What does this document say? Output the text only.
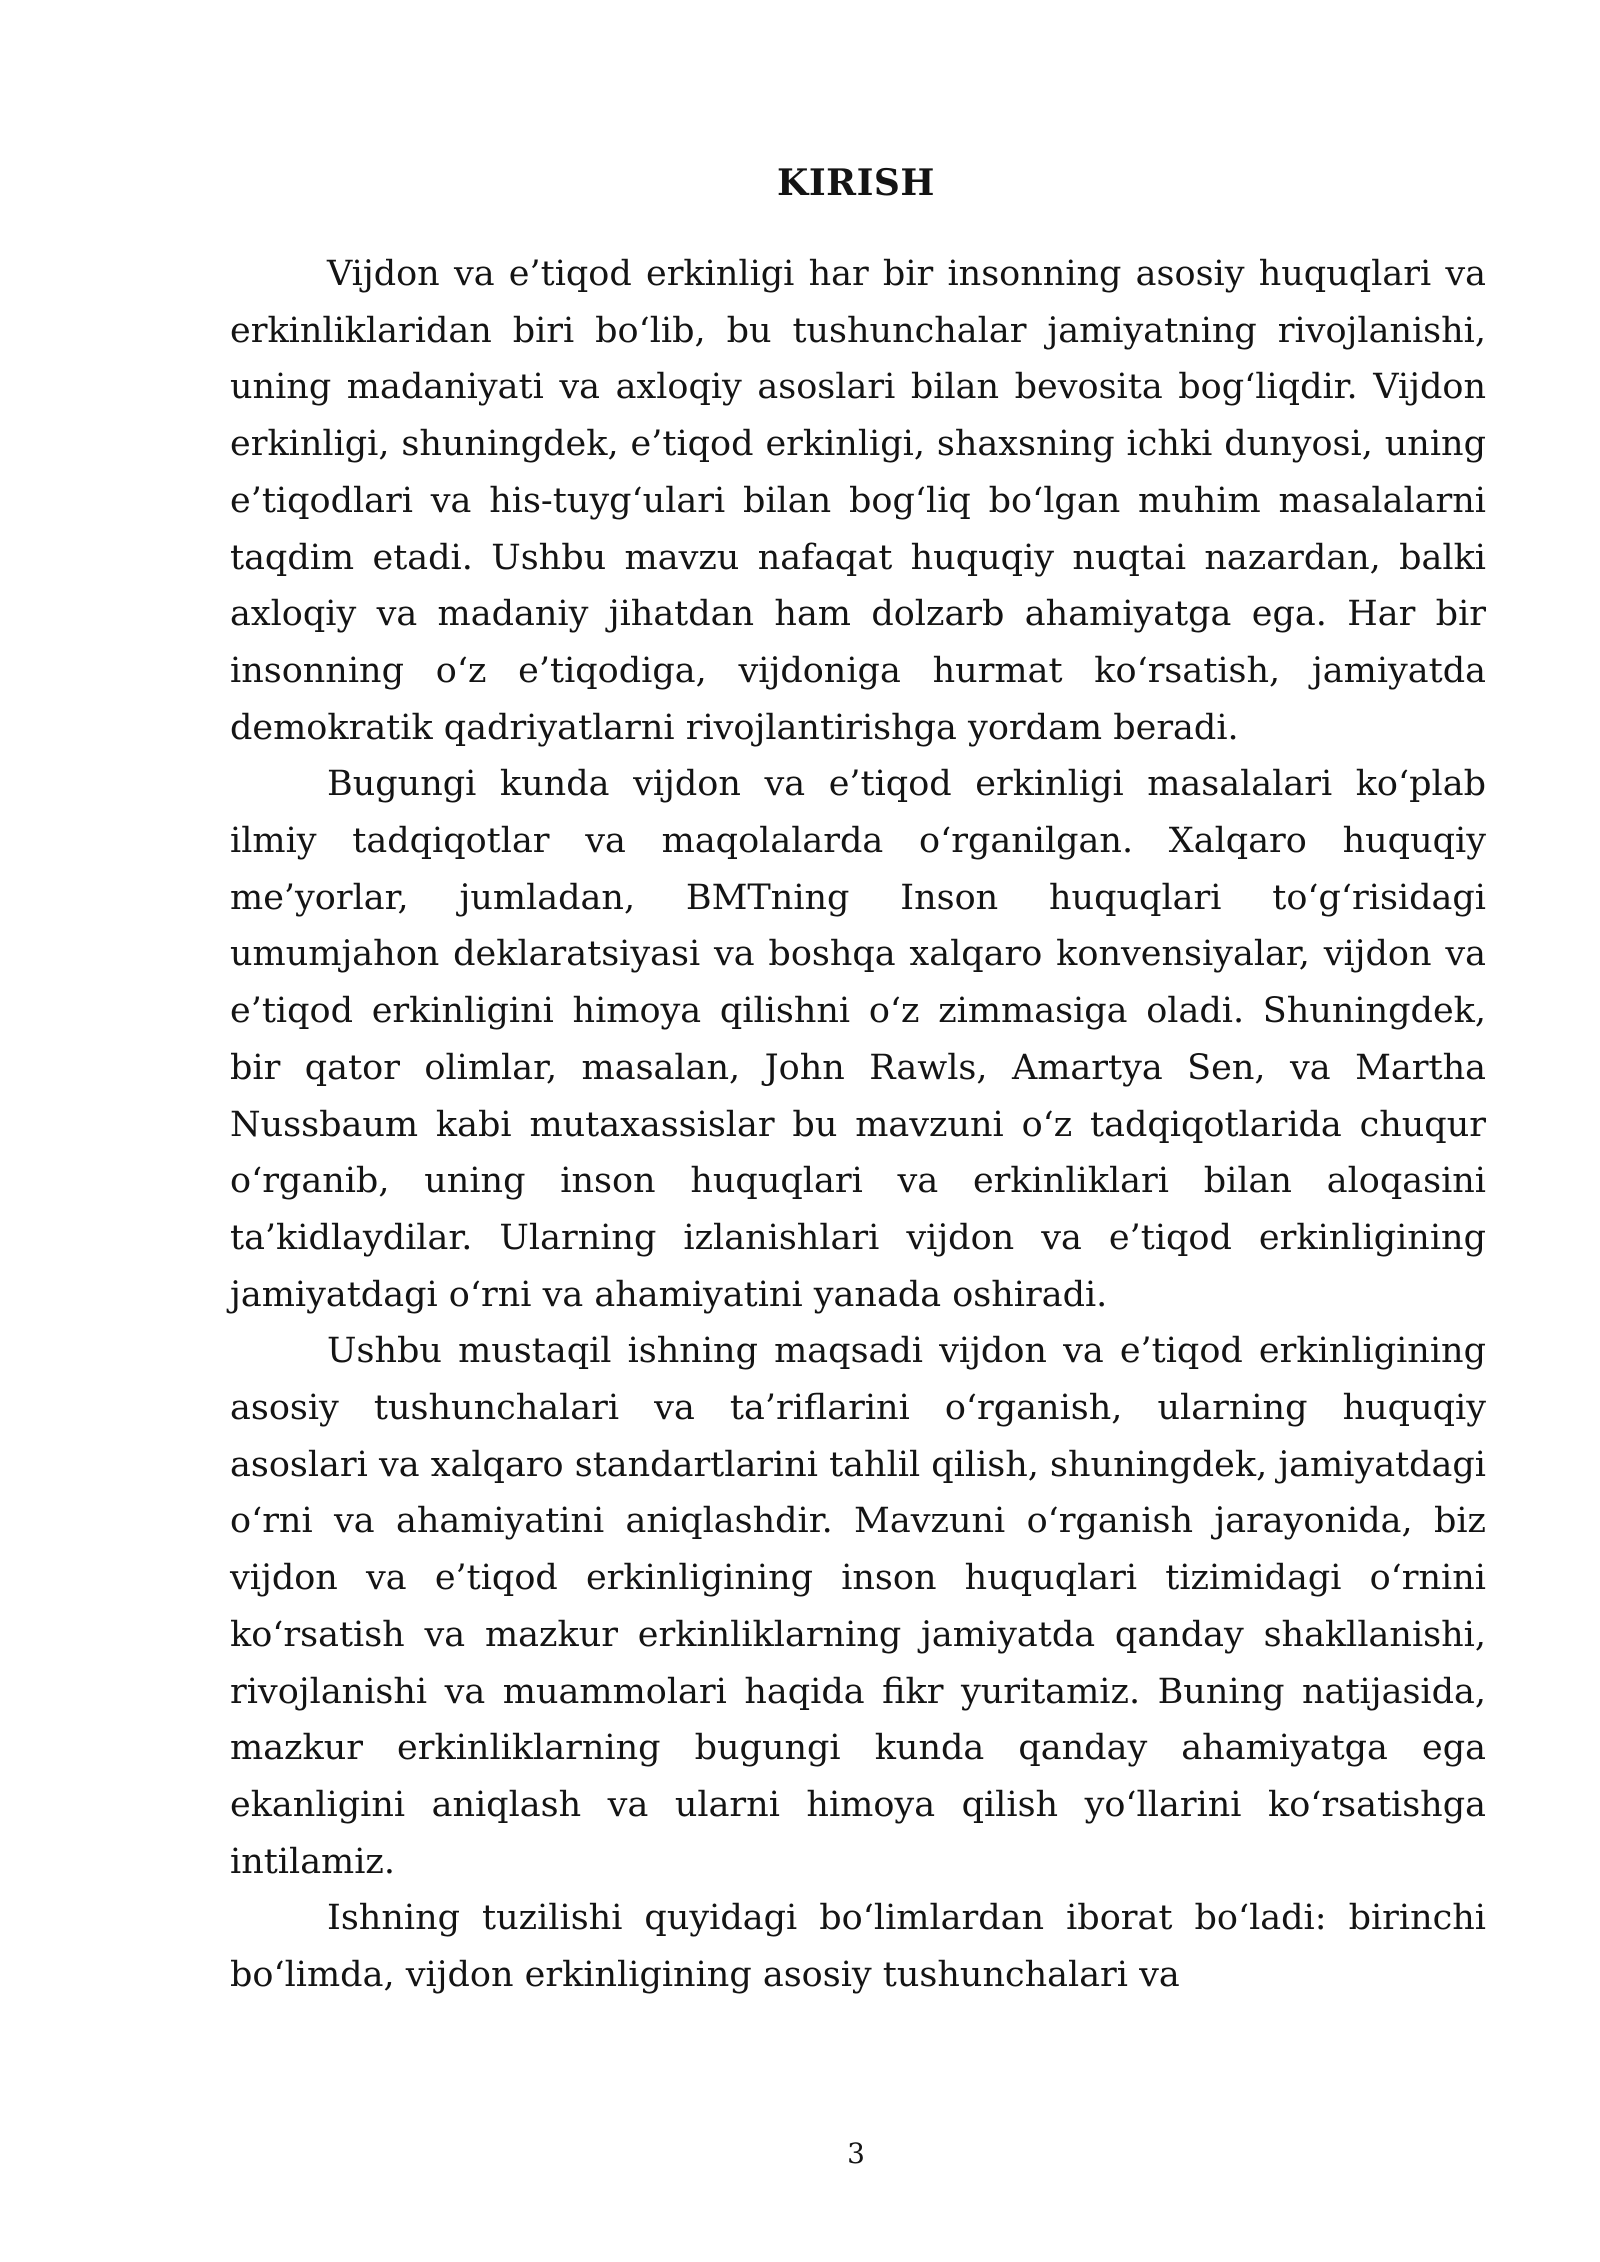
KIRISH

Vijdon va e’tiqod erkinligi har bir insonning asosiy huquqlari va erkinliklaridan biri boʻlib, bu tushunchalar jamiyatning rivojlanishi, uning madaniyati va axloqiy asoslari bilan bevosita bogʻliqdir. Vijdon erkinligi, shuningdek, e’tiqod erkinligi, shaxsning ichki dunyosi, uning e’tiqodlari va his-tuygʻulari bilan bogʻliq boʻlgan muhim masalalarni taqdim etadi. Ushbu mavzu nafaqat huquqiy nuqtai nazardan, balki axloqiy va madaniy jihatdan ham dolzarb ahamiyatga ega. Har bir insonning oʻz e’tiqodiga, vijdoniga hurmat koʻrsatish, jamiyatda demokratik qadriyatlarni rivojlantirishga yordam beradi.

Bugungi kunda vijdon va e’tiqod erkinligi masalalari koʻplab ilmiy tadqiqotlar va maqolalarda oʻrganilgan. Xalqaro huquqiy me’yorlar, jumladan, BMTning Inson huquqlari toʻgʻrisidagi umumjahon deklaratsiyasi va boshqa xalqaro konvensiyalar, vijdon va e’tiqod erkinligini himoya qilishni oʻz zimmasiga oladi. Shuningdek, bir qator olimlar, masalan, John Rawls, Amartya Sen, va Martha Nussbaum kabi mutaxassislar bu mavzuni oʻz tadqiqotlarida chuqur oʻrganib, uning inson huquqlari va erkinliklari bilan aloqasini ta’kidlaydilar. Ularning izlanishlari vijdon va e’tiqod erkinligining jamiyatdagi oʻrni va ahamiyatini yanada oshiradi.

Ushbu mustaqil ishning maqsadi vijdon va e’tiqod erkinligining asosiy tushunchalari va ta’riflarini oʻrganish, ularning huquqiy asoslari va xalqaro standartlarini tahlil qilish, shuningdek, jamiyatdagi oʻrni va ahamiyatini aniqlashdir. Mavzuni oʻrganish jarayonida, biz vijdon va e’tiqod erkinligining inson huquqlari tizimidagi oʻrnini koʻrsatish va mazkur erkinliklarning jamiyatda qanday shakllanishi, rivojlanishi va muammolari haqida fikr yuritamiz. Buning natijasida, mazkur erkinliklarning bugungi kunda qanday ahamiyatga ega ekanligini aniqlash va ularni himoya qilish yoʻllarini koʻrsatishga intilamiz.

Ishning tuzilishi quyidagi boʻlimlardan iborat boʻladi: birinchi boʻlimda, vijdon erkinligining asosiy tushunchalari va

3
